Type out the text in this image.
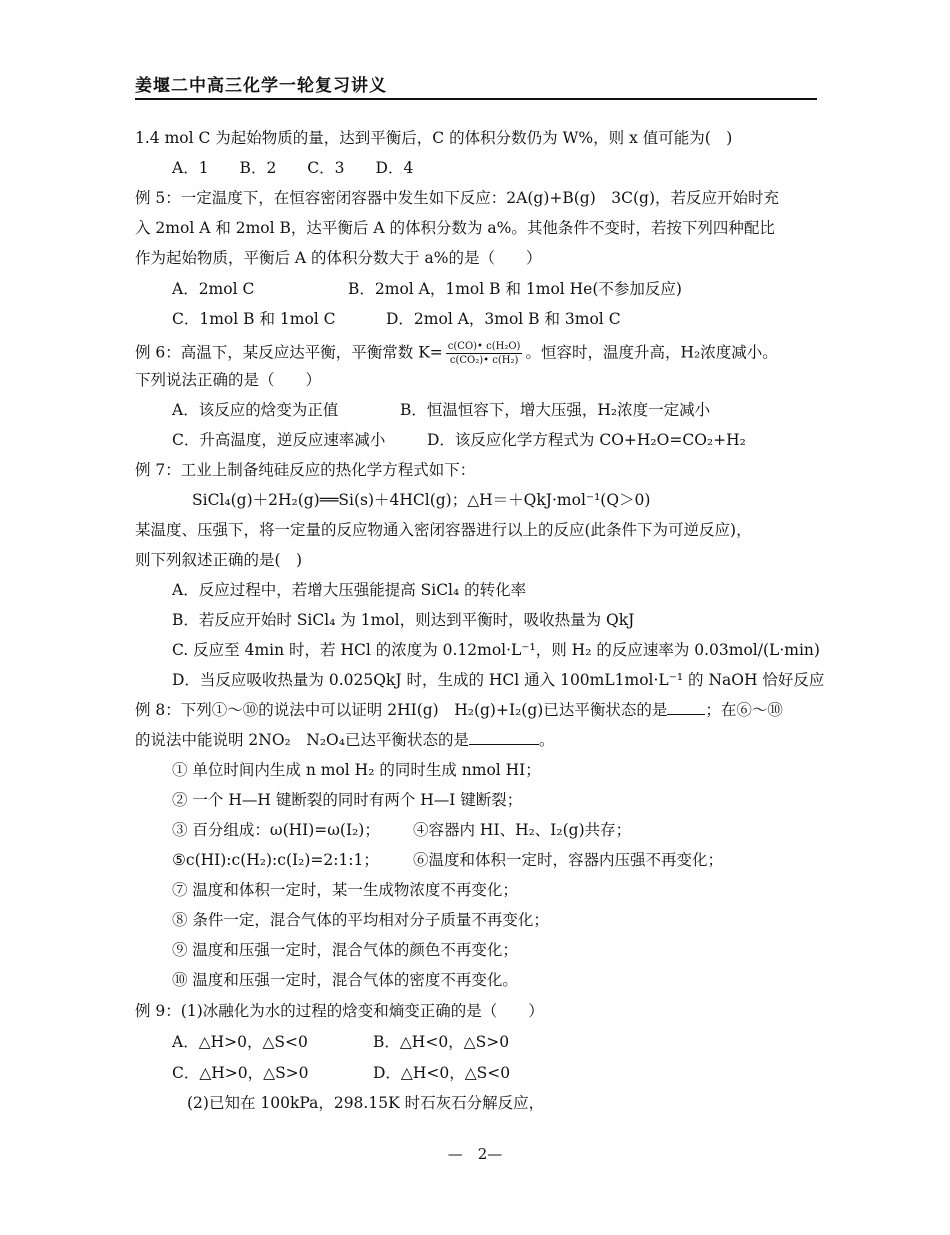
姜堰二中高三化学一轮复习讲义
1.4 mol C 为起始物质的量，达到平衡后，C 的体积分数仍为 W%，则 x 值可能为(　)
A．1　　B．2　　C．3　　D．4
例 5：一定温度下，在恒容密闭容器中发生如下反应：2A(g)+B(g)　3C(g)，若反应开始时充
入 2mol A 和 2mol B，达平衡后 A 的体积分数为 a%。其他条件不变时，若按下列四种配比
作为起始物质，平衡后 A 的体积分数大于 a%的是（　　）
A．2mol C	B．2mol A，1mol B 和 1mol He(不参加反应)
C．1mol B 和 1mol C	D．2mol A，3mol B 和 3mol C
例 6：高温下，某反应达平衡，平衡常数 $K= \frac{\text{c(CO)• c(H₂O)}}{\text{c(CO₂)• c(H₂)}}$ 。恒容时，温度升高，H₂浓度减小。
下列说法正确的是（　　）
A．该反应的焓变为正值	B．恒温恒容下，增大压强，H₂浓度一定减小
C．升高温度，逆反应速率减小	D．该反应化学方程式为 CO+H₂O=CO₂+H₂
例 7：工业上制备纯硅反应的热化学方程式如下：
SiCl₄(g)＋2H₂(g)══Si(s)＋4HCl(g)；△H＝＋QkJ·mol⁻¹(Q＞0)
某温度、压强下，将一定量的反应物通入密闭容器进行以上的反应(此条件下为可逆反应)，
则下列叙述正确的是(　)
A．反应过程中，若增大压强能提高 SiCl₄ 的转化率
B．若反应开始时 SiCl₄ 为 1mol，则达到平衡时，吸收热量为 QkJ
C. 反应至 4min 时，若 HCl 的浓度为 0.12mol·L⁻¹，则 H₂ 的反应速率为 0.03mol/(L·min)
D．当反应吸收热量为 0.025QkJ 时，生成的 HCl 通入 100mL1mol·L⁻¹ 的 NaOH 恰好反应
例 8：下列①～⑩的说法中可以证明 2HI(g)　H₂(g)+I₂(g)已达平衡状态的是 ；在⑥～⑩
的说法中能说明 2NO₂　N₂O₄已达平衡状态的是	。
① 单位时间内生成 n mol H₂ 的同时生成 nmol HI；
② 一个 H—H 键断裂的同时有两个 H—I 键断裂；
③ 百分组成：ω(HI)=ω(I₂)； ④容器内 HI、H₂、I₂(g)共存；
⑤c(HI):c(H₂):c(I₂)=2:1:1； ⑥温度和体积一定时，容器内压强不再变化；
⑦ 温度和体积一定时，某一生成物浓度不再变化；
⑧ 条件一定，混合气体的平均相对分子质量不再变化；
⑨ 温度和压强一定时，混合气体的颜色不再变化；
⑩ 温度和压强一定时，混合气体的密度不再变化。
例 9：(1)冰融化为水的过程的焓变和熵变正确的是（　　）
A．△H>0，△S<0	B．△H<0，△S>0
C．△H>0，△S>0	D．△H<0，△S<0
(2)已知在 100kPa，298.15K 时石灰石分解反应，
—　2—
